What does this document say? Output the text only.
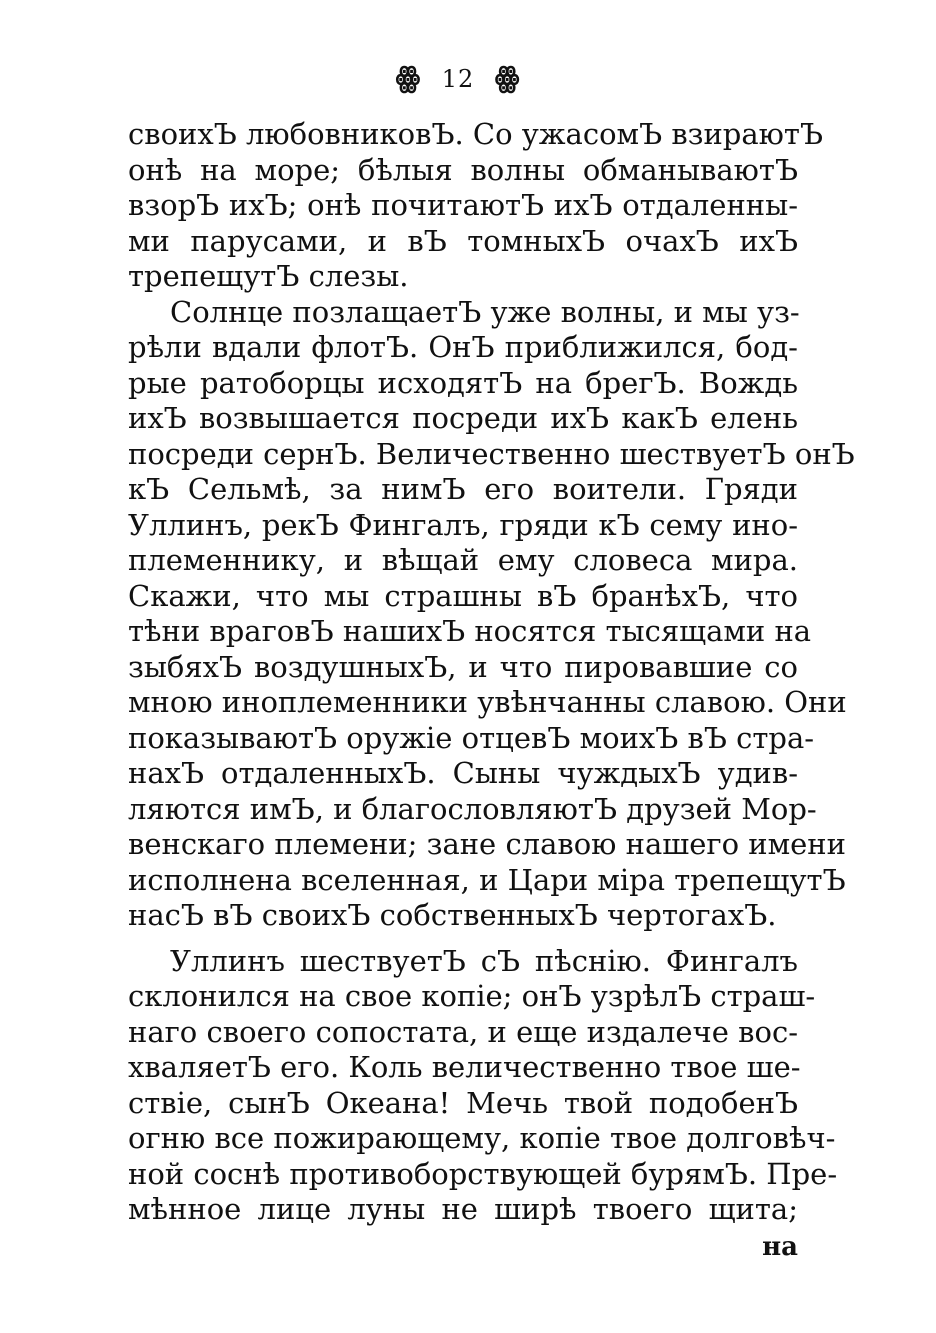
ꙮ 12 ꙮ
своихЪ любовниковЪ. Со ужасомЪ взираютЪ
онѣ на море; бѣлыя волны обманываютЪ
взорЪ ихЪ; онѣ почитаютЪ ихЪ отдаленны-
ми парусами, и вЪ томныхЪ очахЪ ихЪ
трепещутЪ слезы.
Солнце позлащаетЪ уже волны, и мы уз-
рѣли вдали флотЪ. ОнЪ приближился, бод-
рые ратоборцы исходятЪ на брегЪ. Вождь
ихЪ возвышается посреди ихЪ какЪ елень
посреди сернЪ. Величественно шествуетЪ онЪ
кЪ Сельмѣ, за нимЪ его воители. Гряди
Уллинъ, рекЪ Фингалъ, гряди кЪ сему ино-
племеннику, и вѣщай ему словеса мира.
Скажи, что мы страшны вЪ бранѣхЪ, что
тѣни враговЪ нашихЪ носятся тысящами на
зыбяхЪ воздушныхЪ, и что пировавшие со
мною иноплеменники увѣнчанны славою. Они
показываютЪ оружіе отцевЪ моихЪ вЪ стра-
нахЪ отдаленныхЪ. Сыны чуждыхЪ удив-
ляются имЪ, и благословляютЪ друзей Мор-
венскаго племени; зане славою нашего имени
исполнена вселенная, и Цари міра трепещутЪ
насЪ вЪ своихЪ собственныхЪ чертогахЪ.
Уллинъ шествуетЪ сЪ пѣснію. Фингалъ
склонился на свое копіе; онЪ узрѣлЪ страш-
наго своего сопостата, и еще издалече вос-
хваляетЪ его. Коль величественно твое ше-
ствіе, сынЪ Океана! Мечь твой подобенЪ
огню все пожирающему, копіе твое долговѣч-
ной соснѣ противоборствующей бурямЪ. Пре-
мѣнное лице луны не ширѣ твоего щита;
на
